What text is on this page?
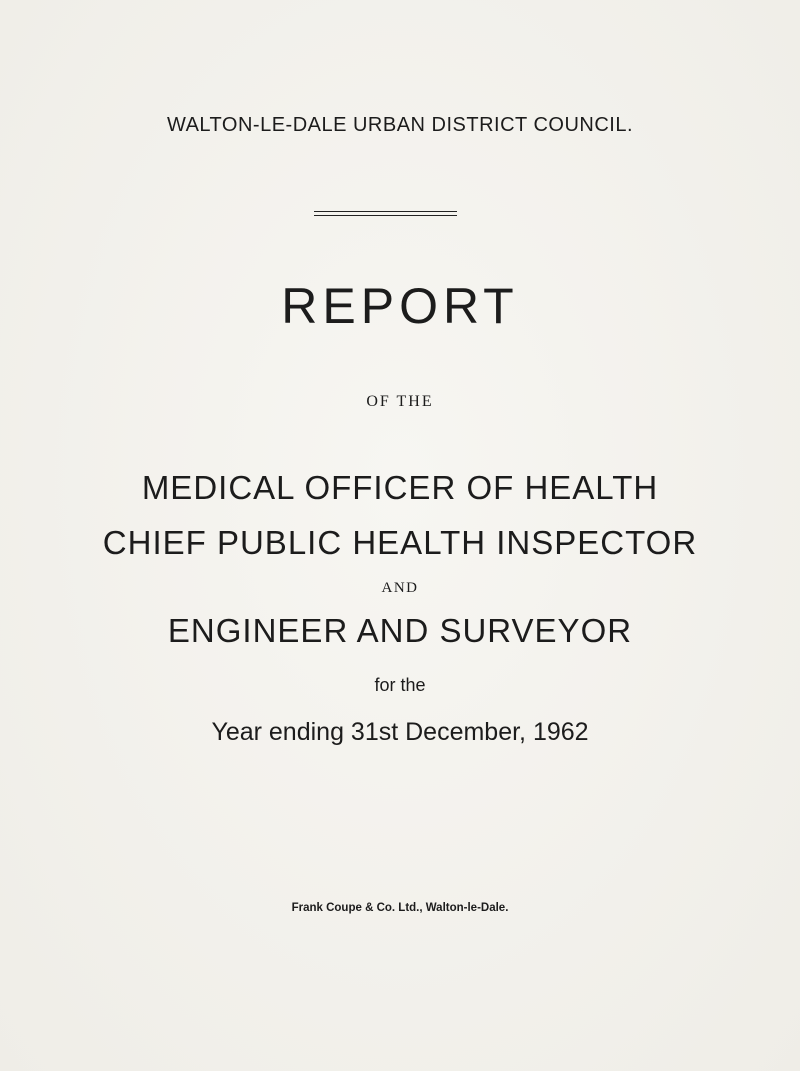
WALTON-LE-DALE URBAN DISTRICT COUNCIL.
REPORT
OF THE
MEDICAL OFFICER OF HEALTH
CHIEF PUBLIC HEALTH INSPECTOR
AND
ENGINEER AND SURVEYOR
for the
Year ending 31st December, 1962
Frank Coupe & Co. Ltd., Walton-le-Dale.
